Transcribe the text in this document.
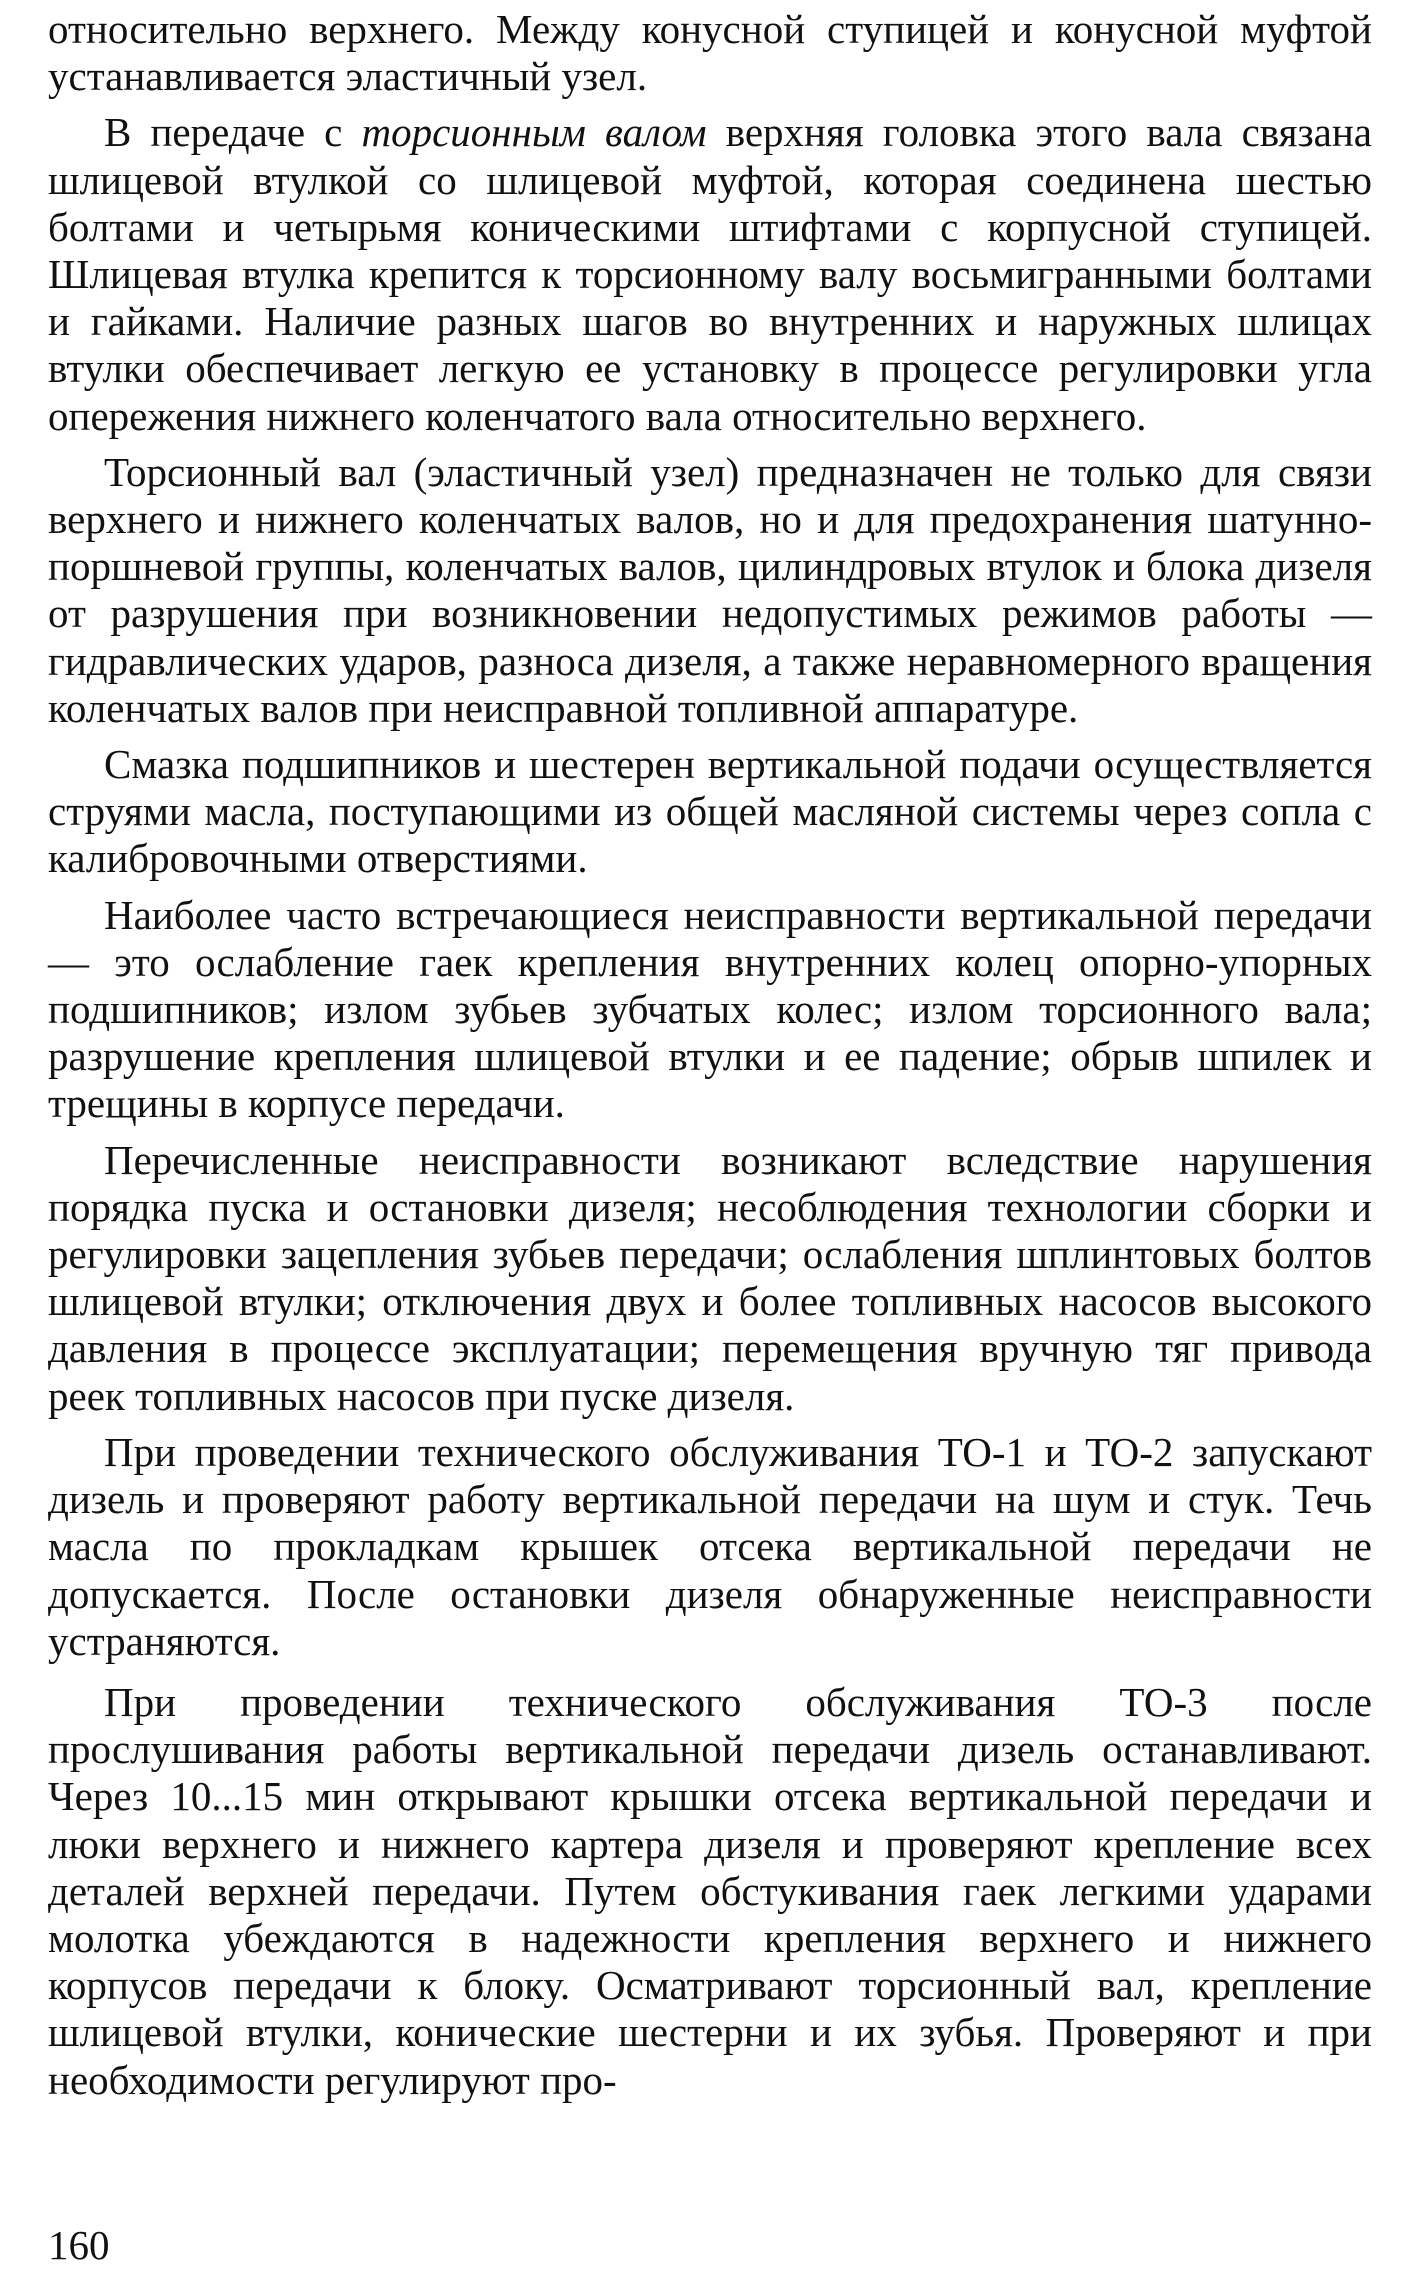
относительно верхнего. Между конусной ступицей и конусной муфтой устанавливается эластичный узел.

В передаче с торсионным валом верхняя головка этого вала связана шлицевой втулкой со шлицевой муфтой, которая соединена шестью болтами и четырьмя коническими штифтами с корпусной ступицей. Шлицевая втулка крепится к торсионному валу восьмигранными болтами и гайками. Наличие разных шагов во внутренних и наружных шлицах втулки обеспечивает легкую ее установку в процессе регулировки угла опережения нижнего коленчатого вала относительно верхнего.

Торсионный вал (эластичный узел) предназначен не только для связи верхнего и нижнего коленчатых валов, но и для предохранения шатунно-поршневой группы, коленчатых валов, цилиндровых втулок и блока дизеля от разрушения при возникновении недопустимых режимов работы — гидравлических ударов, разноса дизеля, а также неравномерного вращения коленчатых валов при неисправной топливной аппаратуре.

Смазка подшипников и шестерен вертикальной подачи осуществляется струями масла, поступающими из общей масляной системы через сопла с калибровочными отверстиями.

Наиболее часто встречающиеся неисправности вертикальной передачи — это ослабление гаек крепления внутренних колец опорно-упорных подшипников; излом зубьев зубчатых колес; излом торсионного вала; разрушение крепления шлицевой втулки и ее падение; обрыв шпилек и трещины в корпусе передачи.

Перечисленные неисправности возникают вследствие нарушения порядка пуска и остановки дизеля; несоблюдения технологии сборки и регулировки зацепления зубьев передачи; ослабления шплинтовых болтов шлицевой втулки; отключения двух и более топливных насосов высокого давления в процессе эксплуатации; перемещения вручную тяг привода реек топливных насосов при пуске дизеля.

При проведении технического обслуживания ТО-1 и ТО-2 запускают дизель и проверяют работу вертикальной передачи на шум и стук. Течь масла по прокладкам крышек отсека вертикальной передачи не допускается. После остановки дизеля обнаруженные неисправности устраняются.

При проведении технического обслуживания ТО-3 после прослушивания работы вертикальной передачи дизель останавливают. Через 10...15 мин открывают крышки отсека вертикальной передачи и люки верхнего и нижнего картера дизеля и проверяют крепление всех деталей верхней передачи. Путем обстукивания гаек легкими ударами молотка убеждаются в надежности крепления верхнего и нижнего корпусов передачи к блоку. Осматривают торсионный вал, крепление шлицевой втулки, конические шестерни и их зубья. Проверяют и при необходимости регулируют про-

160
